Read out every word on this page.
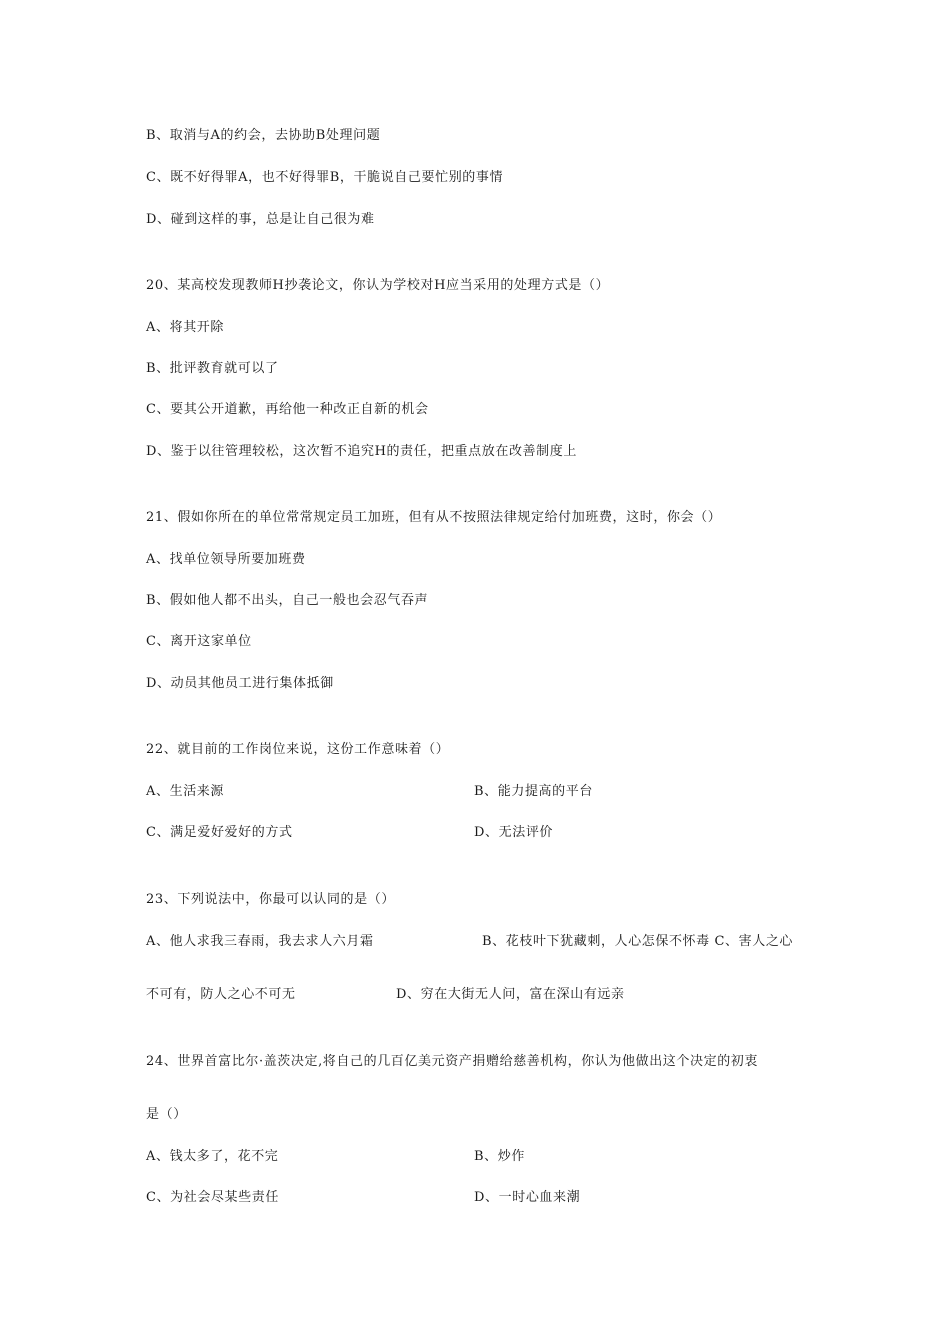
B、取消与A的约会，去协助B处理问题
C、既不好得罪A，也不好得罪B，干脆说自己要忙别的事情
D、碰到这样的事，总是让自己很为难
20、某高校发现教师H抄袭论文，你认为学校对H应当采用的处理方式是（）
A、将其开除
B、批评教育就可以了
C、要其公开道歉，再给他一种改正自新的机会
D、鉴于以往管理较松，这次暂不追究H的责任，把重点放在改善制度上
21、假如你所在的单位常常规定员工加班，但有从不按照法律规定给付加班费，这时，你会（）
A、找单位领导所要加班费
B、假如他人都不出头，自己一般也会忍气吞声
C、离开这家单位
D、动员其他员工进行集体抵御
22、就目前的工作岗位来说，这份工作意味着（）
A、生活来源	B、能力提高的平台
C、满足爱好爱好的方式	D、无法评价
23、下列说法中，你最可以认同的是（）
A、他人求我三春雨，我去求人六月霜	B、花枝叶下犹藏刺，人心怎保不怀毒 C、害人之心
不可有，防人之心不可无	D、穷在大街无人问，富在深山有远亲
24、世界首富比尔·盖茨决定,将自己的几百亿美元资产捐赠给慈善机构，你认为他做出这个决定的初衷
是（）
A、钱太多了，花不完	B、炒作
C、为社会尽某些责任	D、一时心血来潮
